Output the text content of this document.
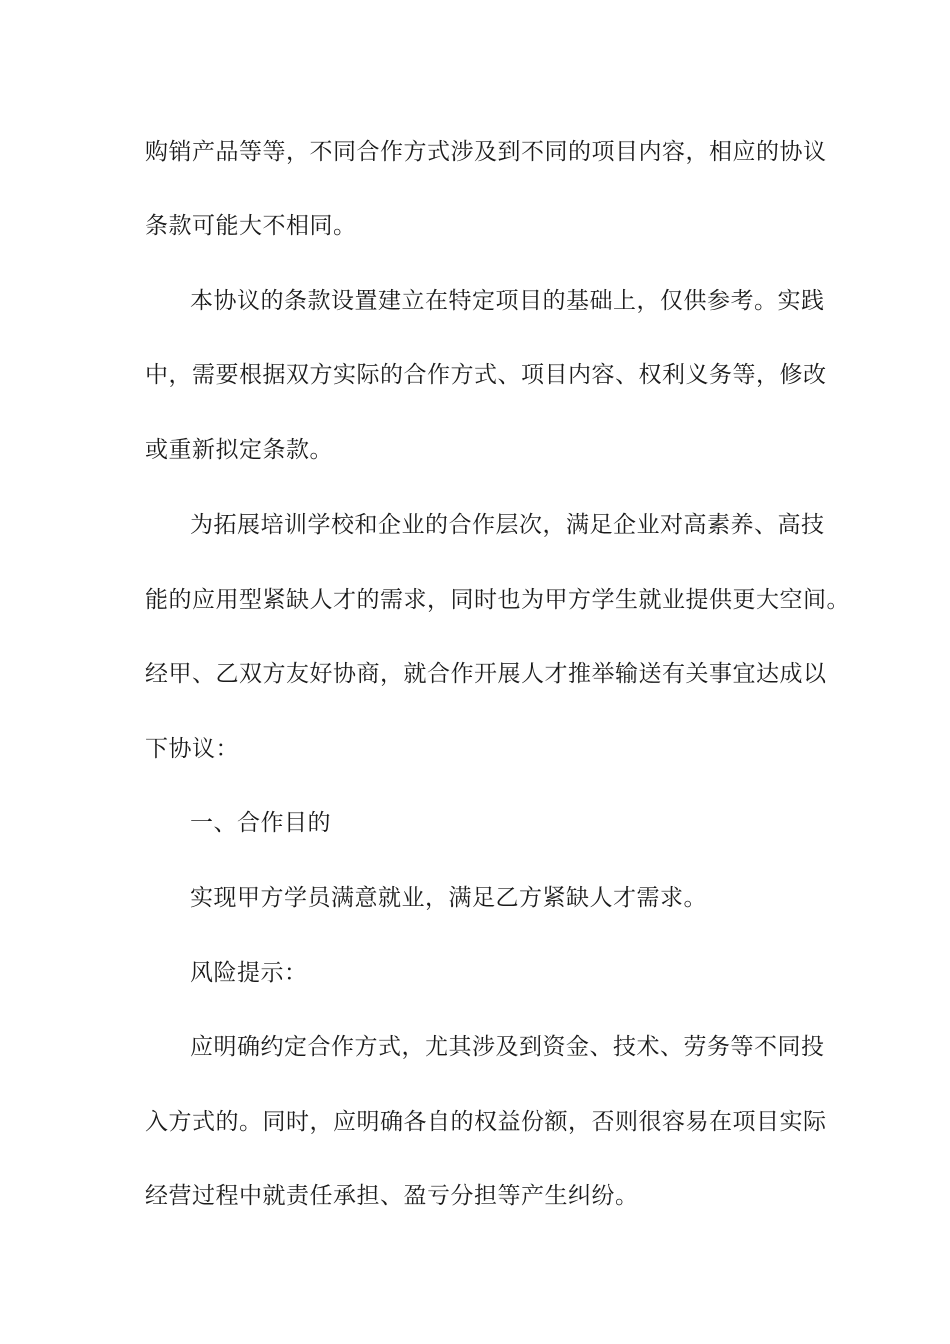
购销产品等等，不同合作方式涉及到不同的项目内容，相应的协议
条款可能大不相同。
本协议的条款设置建立在特定项目的基础上，仅供参考。实践
中，需要根据双方实际的合作方式、项目内容、权利义务等，修改
或重新拟定条款。
为拓展培训学校和企业的合作层次，满足企业对高素养、高技
能的应用型紧缺人才的需求，同时也为甲方学生就业提供更大空间。
经甲、乙双方友好协商，就合作开展人才推举输送有关事宜达成以
下协议：
一、合作目的
实现甲方学员满意就业，满足乙方紧缺人才需求。
风险提示：
应明确约定合作方式，尤其涉及到资金、技术、劳务等不同投
入方式的。同时，应明确各自的权益份额，否则很容易在项目实际
经营过程中就责任承担、盈亏分担等产生纠纷。
